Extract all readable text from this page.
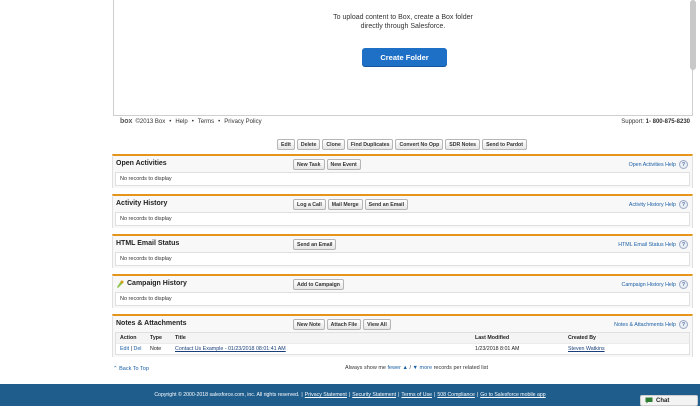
To upload content to Box, create a Box folder
directly through Salesforce.
Create Folder
box ©2013 Box • Help • Terms • Privacy Policy	Support: 1- 800-875-8230
Edit	Delete	Clone	Find Duplicates	Convert No Opp	SDR Notes	Send to Pardot
Open Activities	New Task	New Event	Open Activities Help	?
No records to display
Activity History	Log a Call	Mail Merge	Send an Email	Activity History Help	?
No records to display
HTML Email Status	Send an Email	HTML Email Status Help	?
No records to display
Campaign History	Add to Campaign	Campaign History Help	?
No records to display
Notes & Attachments	New Note	Attach File	View All	Notes & Attachments Help	?
Action	Type	Title	Last Modified	Created By
Edit | Del	Note	Contact Us Example - 01/23/2018 08:01:41 AM	1/23/2018 8:01 AM	Steven Watkins
⌃ Back To Top	Always show me fewer ▲ / ▼ more records per related list
Copyright © 2000-2018 salesforce.com, inc. All rights reserved. | Privacy Statement | Security Statement | Terms of Use | 508 Compliance | Go to Salesforce mobile app
Chat
